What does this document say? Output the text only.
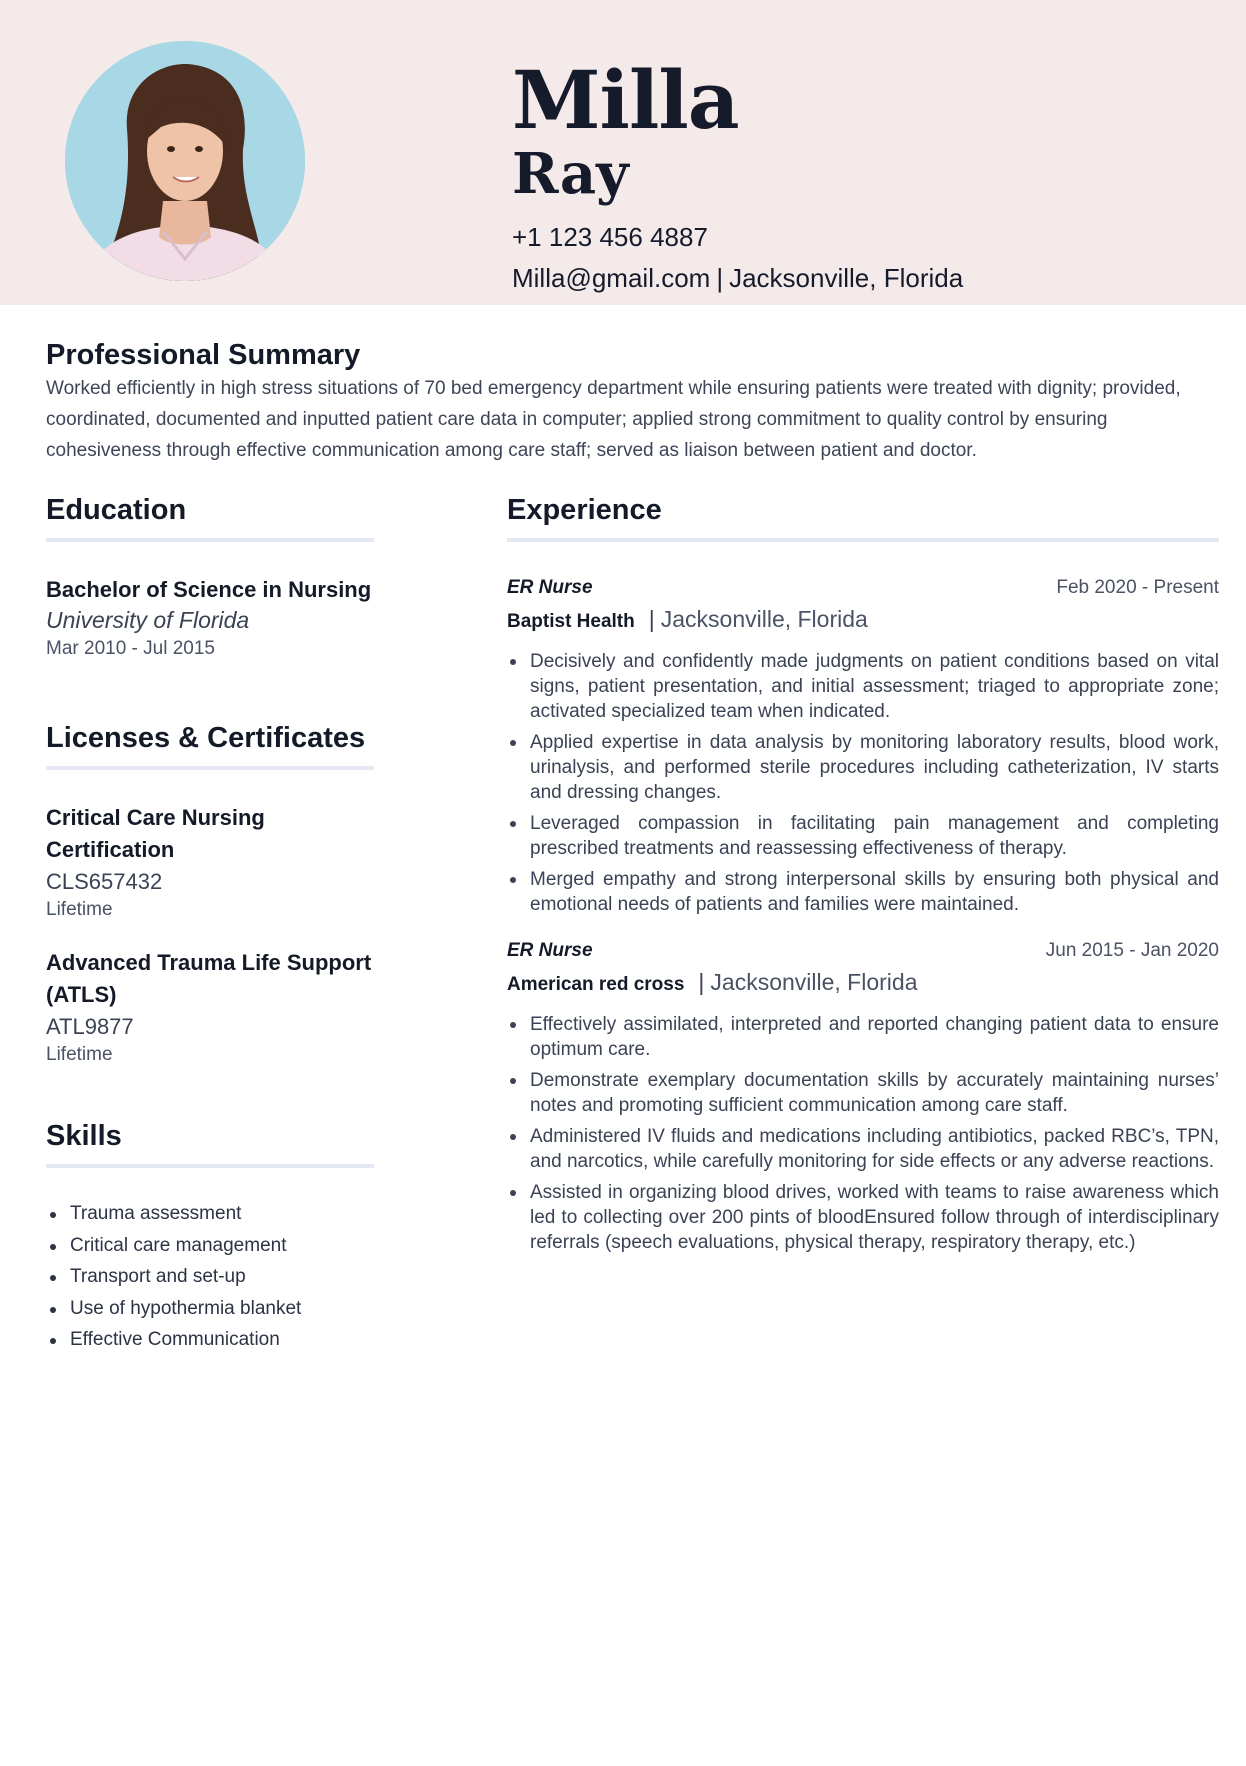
Milla
Ray
+1 123 456 4887
Milla@gmail.com | Jacksonville, Florida
Professional Summary

Worked efficiently in high stress situations of 70 bed emergency department while ensuring patients were treated with dignity; provided, coordinated, documented and inputted patient care data in computer; applied strong commitment to quality control by ensuring cohesiveness through effective communication among care staff; served as liaison between patient and doctor.

Education
Bachelor of Science in Nursing
University of Florida
Mar 2010 - Jul 2015
Licenses & Certificates
Critical Care Nursing Certification
CLS657432
Lifetime
Advanced Trauma Life Support (ATLS)
ATL9877
Lifetime
Skills
Trauma assessment
Critical care management
Transport and set-up
Use of hypothermia blanket
Effective Communication
Experience
ER Nurse	Feb 2020 - Present
Baptist Health | Jacksonville, Florida
Decisively and confidently made judgments on patient conditions based on vital signs, patient presentation, and initial assessment; triaged to appropriate zone; activated specialized team when indicated.
Applied expertise in data analysis by monitoring laboratory results, blood work, urinalysis, and performed sterile procedures including catheterization, IV starts and dressing changes.
Leveraged compassion in facilitating pain management and completing prescribed treatments and reassessing effectiveness of therapy.
Merged empathy and strong interpersonal skills by ensuring both physical and emotional needs of patients and families were maintained.
ER Nurse	Jun 2015 - Jan 2020
American red cross | Jacksonville, Florida
Effectively assimilated, interpreted and reported changing patient data to ensure optimum care.
Demonstrate exemplary documentation skills by accurately maintaining nurses’ notes and promoting sufficient communication among care staff.
Administered IV fluids and medications including antibiotics, packed RBC’s, TPN, and narcotics, while carefully monitoring for side effects or any adverse reactions.
Assisted in organizing blood drives, worked with teams to raise awareness which led to collecting over 200 pints of bloodEnsured follow through of interdisciplinary referrals (speech evaluations, physical therapy, respiratory therapy, etc.)
